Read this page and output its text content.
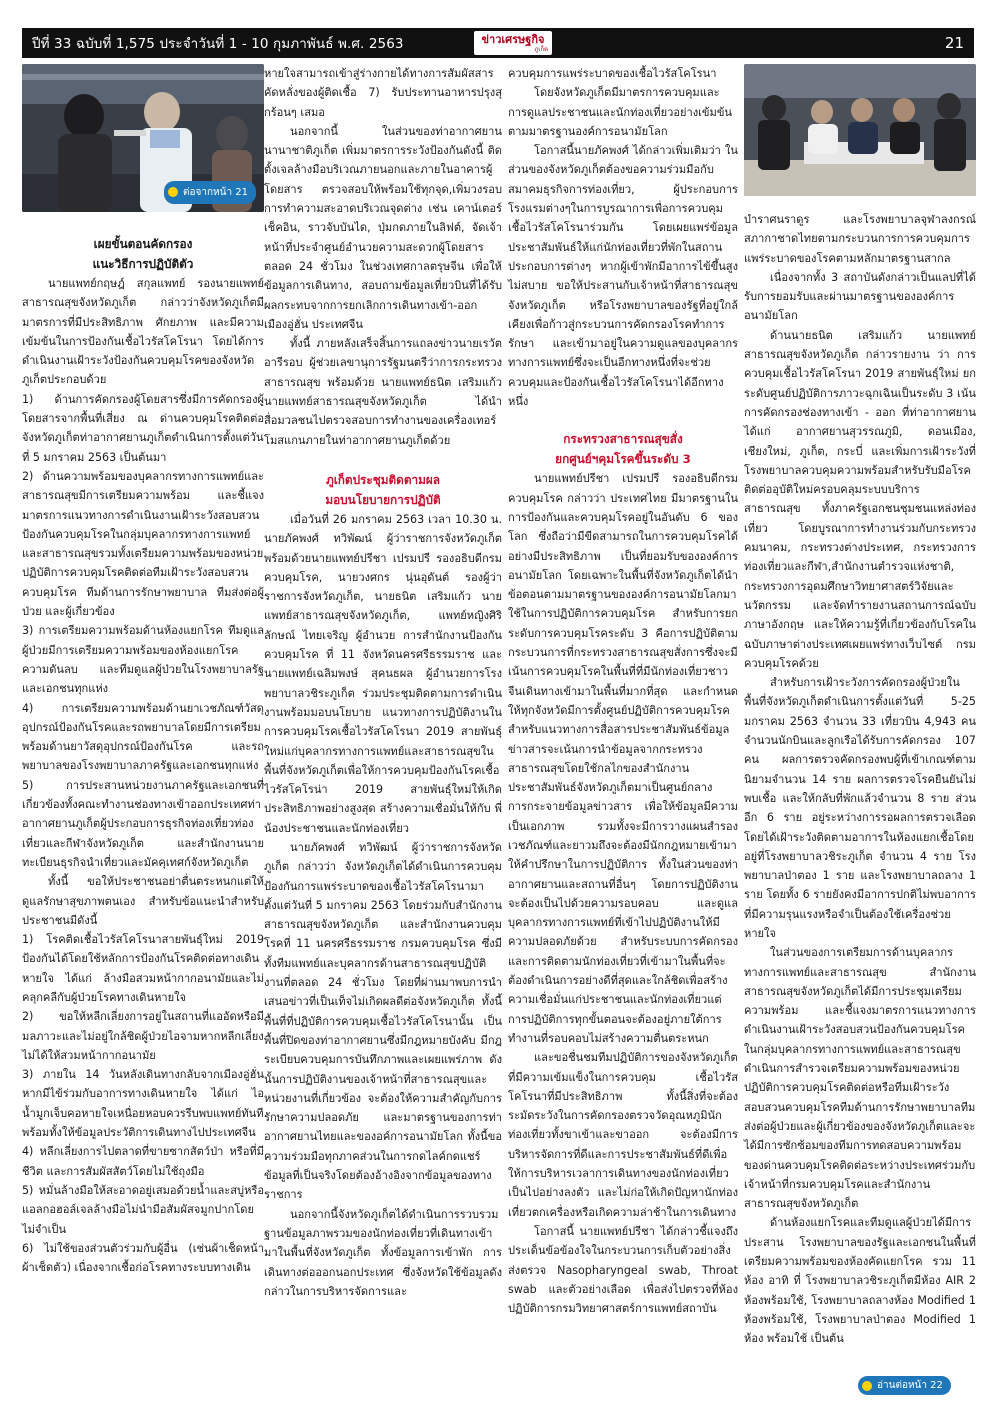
ปีที่ 33 ฉบับที่ 1,575 ประจำวันที่ 1 - 10 กุมภาพันธ์ พ.ศ. 2563	ข่าวเศรษฐกิจ
ภูเก็ต	21
ต่อจากหน้า 21
เผยขั้นตอนคัดกรอง
แนะวิธีการปฏิบัติตัว

นายแพทย์กฤษฎ์ สกุลแพทย์ รองนายแพทย์สาธารณสุขจังหวัดภูเก็ต กล่าวว่าจังหวัดภูเก็ตมีมาตรการที่มีประสิทธิภาพ ศักยภาพ และมีความเข้มข้นในการป้องกันเชื้อไวรัสโคโรนา โดยได้การดำเนินงานเฝ้าระวังป้องกันควบคุมโรคของจังหวัดภูเก็ตประกอบด้วย

1) ด้านการคัดกรองผู้โดยสารซึ่งมีการคัดกรองผู้โดยสารจากพื้นที่เสี่ยง ณ ด่านควบคุมโรคติดต่อจังหวัดภูเก็ตท่าอากาศยานภูเก็ตดำเนินการตั้งแต่วันที่ 5 มกราคม 2563 เป็นต้นมา

2) ด้านความพร้อมของบุคลากรทางการแพทย์และสาธารณสุขมีการเตรียมความพร้อม และชี้แจงมาตรการแนวทางการดำเนินงานเฝ้าระวังสอบสวนป้องกันควบคุมโรคในกลุ่มบุคลากรทางการแพทย์ และสาธารณสุขรวมทั้งเตรียมความพร้อมของหน่วยปฏิบัติการควบคุมโรคติดต่อทีมเฝ้าระวังสอบสวนควบคุมโรค ทีมด้านการรักษาพยาบาล ทีมส่งต่อผู้ป่วย และผู้เกี่ยวข้อง

3) การเตรียมความพร้อมด้านห้องแยกโรค ทีมดูแลผู้ป่วยมีการเตรียมความพร้อมของห้องแยกโรคความดันลบ และทีมดูแลผู้ป่วยในโรงพยาบาลรัฐและเอกชนทุกแห่ง

4) การเตรียมความพร้อมด้านยาเวชภัณฑ์วัสดุอุปกรณ์ป้องกันโรคและรถพยาบาลโดยมีการเตรียมพร้อมด้านยาวัสดุอุปกรณ์ป้องกันโรค และรถพยาบาลของโรงพยาบาลภาครัฐและเอกชนทุกแห่ง

5) การประสานหน่วยงานภาครัฐและเอกชนที่เกี่ยวข้องทั้งคณะทำงานช่องทางเข้าออกประเทศท่าอากาศยานภูเก็ตผู้ประกอบการธุรกิจท่องเที่ยวท่องเที่ยวและกีฬาจังหวัดภูเก็ต และสำนักงานนายทะเบียนธุรกิจนำเที่ยวและมัคคุเทศก์จังหวัดภูเก็ต

ทั้งนี้ ขอให้ประชาชนอย่าตื่นตระหนกแต่ให้ดูแลรักษาสุขภาพตนเอง สำหรับข้อแนะนำสำหรับประชาชนมีดังนี้

1) โรคติดเชื้อไวรัสโคโรนาสายพันธุ์ใหม่ 2019 ป้องกันได้โดยใช้หลักการป้องกันโรคติดต่อทางเดินหายใจ ได้แก่ ล้างมือสวมหน้ากากอนามัยและไม่คลุกคลีกับผู้ป่วยโรคทางเดินหายใจ

2) ขอให้หลีกเลี่ยงการอยู่ในสถานที่แออัดหรือมีมลภาวะและไม่อยู่ใกล้ชิดผู้ป่วยไอจามหากหลีกเลี่ยงไม่ได้ให้สวมหน้ากากอนามัย

3) ภายใน 14 วันหลังเดินทางกลับจากเมืองอู่ฮั่น หากมีไข้ร่วมกับอาการทางเดินหายใจ ได้แก่ ไอ น้ำมูกเจ็บคอหายใจเหนื่อยหอบควรรีบพบแพทย์ทันทีพร้อมทั้งให้ข้อมูลประวัติการเดินทางไปประเทศจีน

4) หลีกเลี่ยงการไปตลาดที่ขายซากสัตว์ป่า หรือที่มีชีวิต และการสัมผัสสัตว์โดยไม่ใช้ถุงมือ

5) หมั่นล้างมือให้สะอาดอยู่เสมอด้วยน้ำและสบู่หรือแอลกอฮอล์เจลล้างมือไม่นำมือสัมผัสจมูกปากโดยไม่จำเป็น

6) ไม่ใช้ของส่วนตัวร่วมกับผู้อื่น (เช่นผ้าเช็ดหน้าผ้าเช็ดตัว) เนื่องจากเชื้อก่อโรคทางระบบทางเดิน

หายใจสามารถเข้าสู่ร่างกายได้ทางการสัมผัสสารคัดหลั่งของผู้ติดเชื้อ 7) รับประทานอาหารปรุงสุกร้อนๆ เสมอ

นอกจากนี้ ในส่วนของท่าอากาศยานนานาชาติภูเก็ต เพิ่มมาตรการระวังป้องกันดังนี้ ติดตั้งเจลล้างมือบริเวณภายนอกและภายในอาคารผู้โดยสาร ตรวจสอบให้พร้อมใช้ทุกจุด,เพิ่มวงรอบการทำความสะอาดบริเวณจุดต่าง เช่น เคาน์เตอร์เช็คอิน, ราวจับบันได, ปุ่มกดภายในลิฟต์, จัดเจ้าหน้าที่ประจำศูนย์อำนวยความสะดวกผู้โดยสารตลอด 24 ชั่วโมง ในช่วงเทศกาลตรุษจีน เพื่อให้ข้อมูลการเดินทาง, สอบถามข้อมูลเที่ยวบินที่ได้รับผลกระทบจากการยกเลิกการเดินทางเข้า-ออก เมืองอู่ฮั่น ประเทศจีน

ทั้งนี้ ภายหลังเสร็จสิ้นการแถลงข่าวนายเรวัต อารีรอบ ผู้ช่วยเลขานุการรัฐมนตรีว่าการกระทรวงสาธารณสุข พร้อมด้วย นายแพทย์ธนิต เสริมแก้ว นายแพทย์สาธารณสุขจังหวัดภูเก็ต ได้นำสื่อมวลชนไปตรวจสอบการทำงานของเครื่องเทอร์โมสแกนภายในท่าอากาศยานภูเก็ตด้วย

ภูเก็ตประชุมติดตามผล
มอบนโยบายการปฏิบัติ

เมื่อวันที่ 26 มกราคม 2563 เวลา 10.30 น. นายภัคพงศ์ ทวิพัฒน์ ผู้ว่าราชการจังหวัดภูเก็ต พร้อมด้วยนายแพทย์ปรีชา เปรมปรี รองอธิบดีกรมควบคุมโรค, นายวงศกร นุ่นอุดันต์ รองผู้ว่าราชการจังหวัดภูเก็ต, นายธนิต เสริมแก้ว นายแพทย์สาธารณสุขจังหวัดภูเก็ต, แพทย์หญิงศิริลักษณ์ ไทยเจริญ ผู้อำนวย การสำนักงานป้องกันควบคุมโรค ที่ 11 จังหวัดนครศรีธรรมราช และนายแพทย์เฉลิมพงษ์ สุคนธผล ผู้อำนวยการโรงพยาบาลวชิระภูเก็ต ร่วมประชุมติดตามการดำเนินงานพร้อมมอบนโยบาย แนวทางการปฏิบัติงานในการควบคุมโรคเชื้อไวรัสโคโรนา 2019 สายพันธุ์ใหม่แก่บุคลากรทางการแพทย์และสาธารณสุขในพื้นที่จังหวัดภูเก็ตเพื่อให้การควบคุมป้องกันโรคเชื้อไวรัสโคโรน่า 2019 สายพันธุ์ใหม่ให้เกิดประสิทธิภาพอย่างสูงสุด สร้างความเชื่อมั่นให้กับ พี่น้องประชาชนและนักท่องเที่ยว

นายภัคพงศ์ ทวิพัฒน์ ผู้ว่าราชการจังหวัดภูเก็ต กล่าวว่า จังหวัดภูเก็ตได้ดำเนินการควบคุมป้องกันการแพร่ระบาดของเชื้อไวรัสโคโรนามาตั้งแต่วันที่ 5 มกราคม 2563 โดยร่วมกับสำนักงานสาธารณสุขจังหวัดภูเก็ต และสำนักงานควบคุมโรคที่ 11 นครศรีธรรมราช กรมควบคุมโรค ซึ่งมีทั้งทีมแพทย์และบุคลากรด้านสาธารณสุขปฏิบัติงานที่ตลอด 24 ชั่วโมง โดยที่ผ่านมาพบการนำเสนอข่าวที่เป็นเท็จไม่เกิดผลดีต่อจังหวัดภูเก็ต ทั้งนี้พื้นที่ที่ปฏิบัติการควบคุมเชื้อไวรัสโคโรนานั้น เป็นพื้นที่ปิดของท่าอากาศยานซึ่งมีกฎหมายบังคับ มีกฎระเบียบควบคุมการบันทึกภาพและเผยแพร่ภาพ ดังนั้นการปฏิบัติงานของเจ้าหน้าที่สาธารณสุขและหน่วยงานที่เกี่ยวข้อง จะต้องให้ความสำคัญกับการรักษาความปลอดภัย และมาตรฐานของการท่าอากาศยานไทยและของอค์การอนามัยโลก ทั้งนี้ขอความร่วมมือทุกภาคส่วนในการกดไลค์กดแชร์ ข้อมูลที่เป็นจริงโดยต้องอ้างอิงจากข้อมูลของทางราชการ

นอกจากนี้จังหวัดภูเก็ตได้ดำเนินการรวบรวม ฐานข้อมูลภาพรวมของนักท่องเที่ยวที่เดินทางเข้ามาในพื้นที่จังหวัดภูเก็ต ทั้งข้อมูลการเข้าพัก การเดินทางต่อออกนอกประเทศ ซึ่งจังหวัดใช้ข้อมูลดังกล่าวในการบริหารจัดการและ

ควบคุมการแพร่ระบาดของเชื้อไวรัสโคโรนา

โดยจังหวัดภูเก็ตมีมาตรการควบคุมและการดูแลประชาชนและนักท่องเที่ยวอย่างเข้มข้นตามมาตรฐานองค์การอนามัยโลก

โอกาสนี้นายภัคพงศ์ ได้กล่าวเพิ่มเติมว่า ในส่วนของจังหวัดภูเก็ตต้องขอความร่วมมือกับสมาคมธุรกิจการท่องเที่ยว, ผู้ประกอบการโรงแรมต่างๆในการบูรณาการเพื่อการควบคุมเชื้อไวรัสโคโรนาร่วมกัน โดยเผยแพร่ข้อมูลประชาสัมพันธ์ให้แก่นักท่องเที่ยวที่พักในสถานประกอบการต่างๆ หากผู้เข้าพักมีอาการไข้ขึ้นสูงไม่สบาย ขอให้ประสานกับเจ้าหน้าที่สาธารณสุขจังหวัดภูเก็ต หรือโรงพยาบาลของรัฐที่อยู่ใกล้เคียงเพื่อก้าวสู่กระบวนการคัดกรองโรคทำการรักษา และเข้ามาอยู่ในความดูแลของบุคลากรทางการแพทย์ซึ่งจะเป็นอีกทางหนึ่งที่จะช่วยควบคุมและป้องกันเชื้อไวรัสโคโรนาได้อีกทางหนึ่ง

กระทรวงสาธารณสุขสั่ง
ยกศูนย์ฯคุมโรคขึ้นระดับ 3

นายแพทย์ปรีชา เปรมปรี รองอธิบดีกรมควบคุมโรค กล่าวว่า ประเทศไทย มีมาตรฐานในการป้องกันและควบคุมโรคอยู่ในอันดับ 6 ของโลก ซึ่งถือว่ามีขีดสามารถในการควบคุมโรคได้อย่างมีประสิทธิภาพ เป็นที่ยอมรับขององค์การอนามัยโลก โดยเฉพาะในพื้นที่จังหวัดภูเก็ตได้นำข้อตอนตามมาตรฐานขององค์การอนามัยโลกมาใช้ในการปฏิบัติการควบคุมโรค สำหรับการยกระดับการควบคุมโรคระดับ 3 คือการปฏิบัติตามกระบวนการที่กระทรวงสาธารณสุขสั่งการซึ่งจะมีเน้นการควบคุมโรคในพื้นที่ที่มีนักท่องเที่ยวชาวจีนเดินทางเข้ามาในพื้นที่มากที่สุด และกำหนดให้ทุกจังหวัดมีการตั้งศูนย์ปฏิบัติการควบคุมโรค สำหรับแนวทางการสื่อสารประชาสัมพันธ์ข้อมูลข่าวสารจะเน้นการนำข้อมูลจากกระทรวงสาธารณสุขโดยใช้กลไกของสำนักงานประชาสัมพันธ์จังหวัดภูเก็ตมาเป็นศูนย์กลางการกระจายข้อมูลข่าวสาร เพื่อให้ข้อมูลมีความเป็นเอกภาพ รวมทั้งจะมีการวางแผนสำรองเวชภัณฑ์และยาวมถึงจะต้องมีนักกฎหมายเข้ามาให้คำปรึกษาในการปฏิบัติการ ทั้งในส่วนของท่าอากาศยานและสถานที่อื่นๆ โดยการปฏิบัติงานจะต้องเป็นไปด้วยความรอบคอบ และดูแลบุคลากรทางการแพทย์ที่เข้าไปปฏิบัติงานให้มีความปลอดภัยด้วย สำหรับระบบการคัดกรอง และการติดตามนักท่องเที่ยวที่เข้ามาในพื้นที่จะต้องดำเนินการอย่างดีที่สุดและใกล้ชิดเพื่อสร้างความเชื่อมั่นแก่ประชาชนและนักท่องเที่ยวแต่การปฏิบัติการทุกขั้นตอนจะต้องอยู่ภายใต้การทำงานที่รอบคอบไม่สร้างความตื่นตระหนก

และขอชื่นชมทีมปฏิบัติการของจังหวัดภูเก็ตที่มีความเข้มแข็งในการควบคุม เชื้อไวรัสโคโรนาที่มีประสิทธิภาพ ทั้งนี้สิ่งที่จะต้องระมัดระวังในการคัดกรองตรวจวัดอุณหภูมินักท่องเที่ยวทั้งขาเข้าและขาออก จะต้องมีการบริหารจัดการที่ดีและการประชาสัมพันธ์ที่ดีเพื่อให้การบริหารเวลาการเดินทางของนักท่องเที่ยวเป็นไปอย่างลงตัว และไม่ก่อให้เกิดปัญหานักท่องเที่ยวตกเครื่องหรือเกิดความล่าช้าในการเดินทาง

โอกาสนี้ นายแพทย์ปรีชา ได้กล่าวชี้แจงถึงประเด็นข้อข้องใจในกระบวนการเก็บตัวอย่างสิ่งส่งตรวจ Nasopharyngeal swab, Throat swab และตัวอย่างเลือด เพื่อส่งไปตรวจที่ห้องปฏิบัติการกรมวิทยาศาสตร์การแพทย์สถาบัน

บำราศนราดูร และโรงพยาบาลจุฬาลงกรณ์สภากาชาดไทยตามกระบวนการการควบคุมการแพร่ระบาดของโรคตามหลักมาตรฐานสากล

เนื่องจากทั้ง 3 สถาบันดังกล่าวเป็นแลปที่ได้รับการยอมรับและผ่านมาตรฐานขององค์การอนามัยโลก

ด้านนายธนิต เสริมแก้ว นายแพทย์สาธารณสุขจังหวัดภูเก็ต กล่าวรายงาน ว่า การควบคุมเชื้อไวรัสโคโรนา 2019 สายพันธุ์ใหม่ ยกระดับศูนย์ปฏิบัติการภาวะฉุกเฉินเป็นระดับ 3 เน้นการคัดกรองช่องทางเข้า - ออก ที่ท่าอากาศยาน ได้แก่ อากาศยานสุวรรณภูมิ, ดอนเมือง, เชียงใหม่, ภูเก็ต, กระบี่ และเพิ่มการเฝ้าระวังที่โรงพยาบาลควบคุมความพร้อมสำหรับรับมือโรคติดต่ออุบัติใหม่ครอบคลุมระบบบริการสาธารณสุข ทั้งภาครัฐเอกชนชุมชนแหล่งท่องเที่ยว โดยบูรณาการทำงานร่วมกับกระทรวงคมนาคม, กระทรวงต่างประเทศ, กระทรวงการท่องเที่ยวและกีฬา,สำนักงานตำรวจแห่งชาติ, กระทรวงการอุดมศึกษาวิทยาศาสตร์วิจัยและนวัตกรรม และจัดทำรายงานสถานการณ์ฉบับภาษาอังกฤษ และให้ความรู้ที่เกี่ยวข้องกับโรคในฉบับภาษาต่างประเทศเผยแพร่ทางเว็บไซต์ กรมควบคุมโรคด้วย

สำหรับการเฝ้าระวังการคัดกรองผู้ป่วยในพื้นที่จังหวัดภูเก็ตดำเนินการตั้งแต่วันที่ 5-25 มกราคม 2563 จำนวน 33 เที่ยวบิน 4,943 คน จำนวนนักบินและลูกเรือได้รับการคัดกรอง 107 คน ผลการตรวจคัดกรองพบผู้ที่เข้าเกณฑ์ตามนิยามจำนวน 14 ราย ผลการตรวจโรคยืนยันไม่พบเชื้อ และให้กลับที่พักแล้วจำนวน 8 ราย ส่วนอีก 6 ราย อยู่ระหว่างการรอผลการตรวจเลือดโดยได้เฝ้าระวังติดตามอาการในห้องแยกเชื้อโดยอยู่ที่โรงพยาบาลวชิระภูเก็ต จำนวน 4 ราย โรงพยาบาลป่าตอง 1 ราย และโรงพยาบาลถลาง 1 ราย โดยทั้ง 6 รายยังคงมีอาการปกติไม่พบอาการที่มีความรุนแรงหรือจำเป็นต้องใช้เครื่องช่วยหายใจ

ในส่วนของการเตรียมการด้านบุคลากรทางการแพทย์และสาธารณสุข สำนักงานสาธารณสุขจังหวัดภูเก็ตได้มีการประชุมเตรียมความพร้อม และชี้แจงมาตรการแนวทางการดำเนินงานเฝ้าระวังสอบสวนป้องกันควบคุมโรคในกลุ่มบุคลากรทางการแพทย์และสาธารณสุขดำเนินการสำรวจเตรียมความพร้อมของหน่วยปฏิบัติการควบคุมโรคติดต่อหรือทีมเฝ้าระวังสอบสวนควบคุมโรคทีมด้านการรักษาพยาบาลทีมส่งต่อผู้ป่วยและผู้เกี่ยวข้องของจังหวัดภูเก็ตและจะได้มีการซักซ้อมของทีมการทดสอบความพร้อมของด่านควบคุมโรคติดต่อระหว่างประเทศร่วมกับเจ้าหน้าที่กรมควบคุมโรคและสำนักงานสาธารณสุขจังหวัดภูเก็ต

ด้านห้องแยกโรคและทีมดูแลผู้ป่วยได้มีการประสาน โรงพยาบาลของรัฐและเอกชนในพื้นที่เตรียมความพร้อมของห้องคัดแยกโรค รวม 11 ห้อง อาทิ ที่ โรงพยาบาลวชิระภูเก็ตมีห้อง AIR 2 ห้องพร้อมใช้, โรงพยาบาลถลางห้อง Modified 1 ห้องพร้อมใช้, โรงพยาบาลป่าตอง Modified 1 ห้อง พร้อมใช้ เป็นต้น

อ่านต่อหน้า 22
